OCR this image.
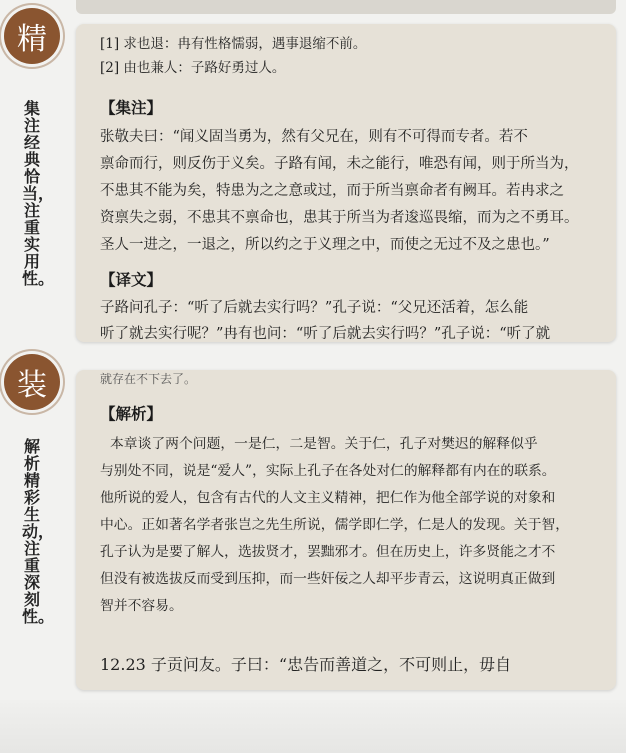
精
集注经典恰当，注重实用性。
[1] 求也退：冉有性格懦弱，遇事退缩不前。
[2] 由也兼人：子路好勇过人。
【集注】
张敬夫曰：“闻义固当勇为，然有父兄在，则有不可得而专者。若不
禀命而行，则反伤于义矣。子路有闻，未之能行，唯恐有闻，则于所当为，
不患其不能为矣，特患为之之意或过，而于所当禀命者有阙耳。若冉求之
资禀失之弱，不患其不禀命也，患其于所当为者逡巡畏缩，而为之不勇耳。
圣人一进之，一退之，所以约之于义理之中，而使之无过不及之患也。”
【译文】
子路问孔子：“听了后就去实行吗？”孔子说：“父兄还活着，怎么能
听了就去实行呢？”冉有也问：“听了后就去实行吗？”孔子说：“听了就
装
解析精彩生动，注重深刻性。
就存在不下去了。
【解析】
本章谈了两个问题，一是仁，二是智。关于仁，孔子对樊迟的解释似乎
与别处不同，说是“爱人”，实际上孔子在各处对仁的解释都有内在的联系。
他所说的爱人，包含有古代的人文主义精神，把仁作为他全部学说的对象和
中心。正如著名学者张岂之先生所说，儒学即仁学，仁是人的发现。关于智，
孔子认为是要了解人，选拔贤才，罢黜邪才。但在历史上，许多贤能之才不
但没有被选拔反而受到压抑，而一些奸佞之人却平步青云，这说明真正做到
智并不容易。
12.23 子贡问友。子曰：“忠告而善道之，不可则止，毋自
